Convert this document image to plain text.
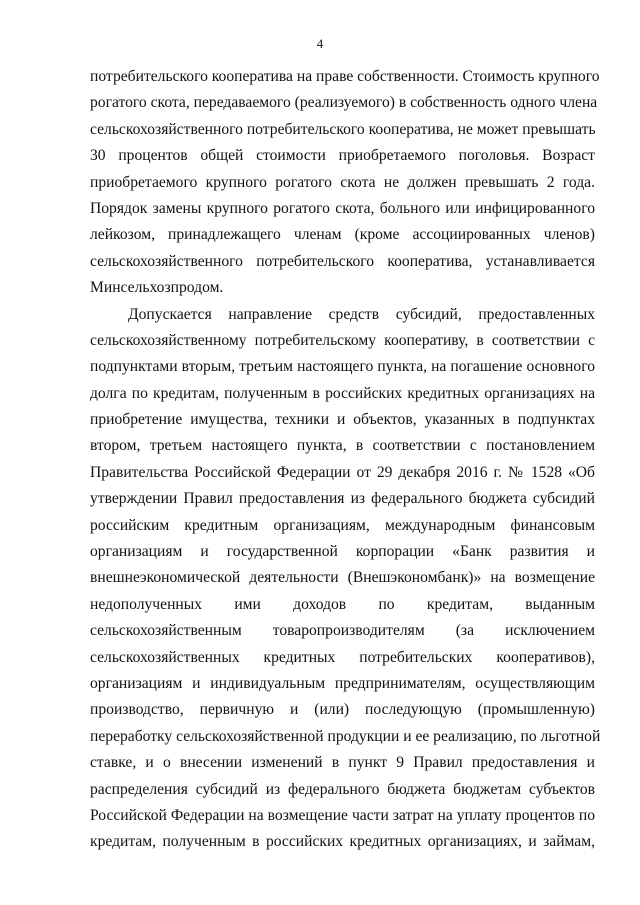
4
потребительского кооператива на праве собственности. Стоимость крупного
рогатого скота, передаваемого (реализуемого) в собственность одного члена
сельскохозяйственного потребительского кооператива, не может превышать
30 процентов общей стоимости приобретаемого поголовья. Возраст
приобретаемого крупного рогатого скота не должен превышать 2 года.
Порядок замены крупного рогатого скота, больного или инфицированного
лейкозом, принадлежащего членам (кроме ассоциированных членов)
сельскохозяйственного потребительского кооператива, устанавливается
Минсельхозпродом.
Допускается направление средств субсидий, предоставленных
сельскохозяйственному потребительскому кооперативу, в соответствии с
подпунктами вторым, третьим настоящего пункта, на погашение основного
долга по кредитам, полученным в российских кредитных организациях на
приобретение имущества, техники и объектов, указанных в подпунктах
втором, третьем настоящего пункта, в соответствии с постановлением
Правительства Российской Федерации от 29 декабря 2016 г. № 1528 «Об
утверждении Правил предоставления из федерального бюджета субсидий
российским кредитным организациям, международным финансовым
организациям и государственной корпорации «Банк развития и
внешнеэкономической деятельности (Внешэкономбанк)» на возмещение
недополученных ими доходов по кредитам, выданным
сельскохозяйственным товаропроизводителям (за исключением
сельскохозяйственных кредитных потребительских кооперативов),
организациям и индивидуальным предпринимателям, осуществляющим
производство, первичную и (или) последующую (промышленную)
переработку сельскохозяйственной продукции и ее реализацию, по льготной
ставке, и о внесении изменений в пункт 9 Правил предоставления и
распределения субсидий из федерального бюджета бюджетам субъектов
Российской Федерации на возмещение части затрат на уплату процентов по
кредитам, полученным в российских кредитных организациях, и займам,
